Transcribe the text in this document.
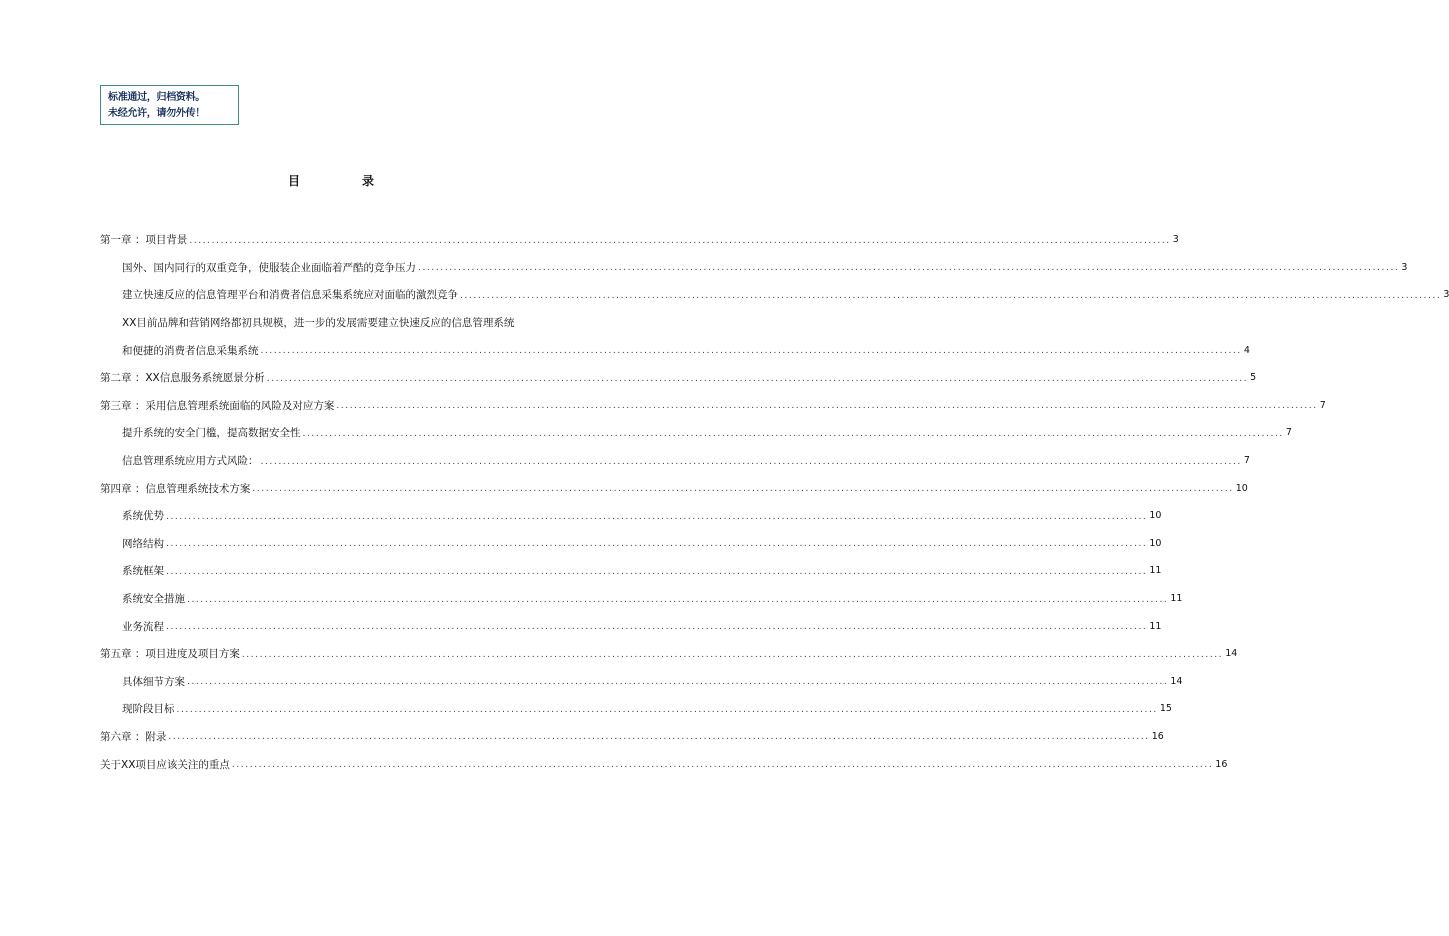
标准通过，归档资料。
未经允许，请勿外传！
目	录
第一章 ：项目背景 ............................................................................................................................................................................................................................ 3
国外、国内同行的双重竞争，使服装企业面临着严酷的竞争压力 ............................................................................................................................................................................................................................ 3
建立快速反应的信息管理平台和消费者信息采集系统应对面临的激烈竞争 ............................................................................................................................................................................................................................ 3
XX目前品牌和营销网络都初具规模，进一步的发展需要建立快速反应的信息管理系统
和便捷的消费者信息采集系统 ............................................................................................................................................................................................................................ 4
第二章 ：XX信息服务系统愿景分析 ............................................................................................................................................................................................................................ 5
第三章 ：采用信息管理系统面临的风险及对应方案 ............................................................................................................................................................................................................................ 7
提升系统的安全门槛，提高数据安全性 ............................................................................................................................................................................................................................ 7
信息管理系统应用方式风险： ............................................................................................................................................................................................................................ 7
第四章 ：信息管理系统技术方案 ............................................................................................................................................................................................................................ 10
系统优势 ............................................................................................................................................................................................................................ 10
网络结构 ............................................................................................................................................................................................................................ 10
系统框架 ............................................................................................................................................................................................................................ 11
系统安全措施 ............................................................................................................................................................................................................................ 11
业务流程 ............................................................................................................................................................................................................................ 11
第五章 ：项目进度及项目方案 ............................................................................................................................................................................................................................ 14
具体细节方案 ............................................................................................................................................................................................................................ 14
现阶段目标 ............................................................................................................................................................................................................................ 15
第六章 ：附录 ............................................................................................................................................................................................................................ 16
关于XX项目应该关注的重点 ............................................................................................................................................................................................................................ 16
